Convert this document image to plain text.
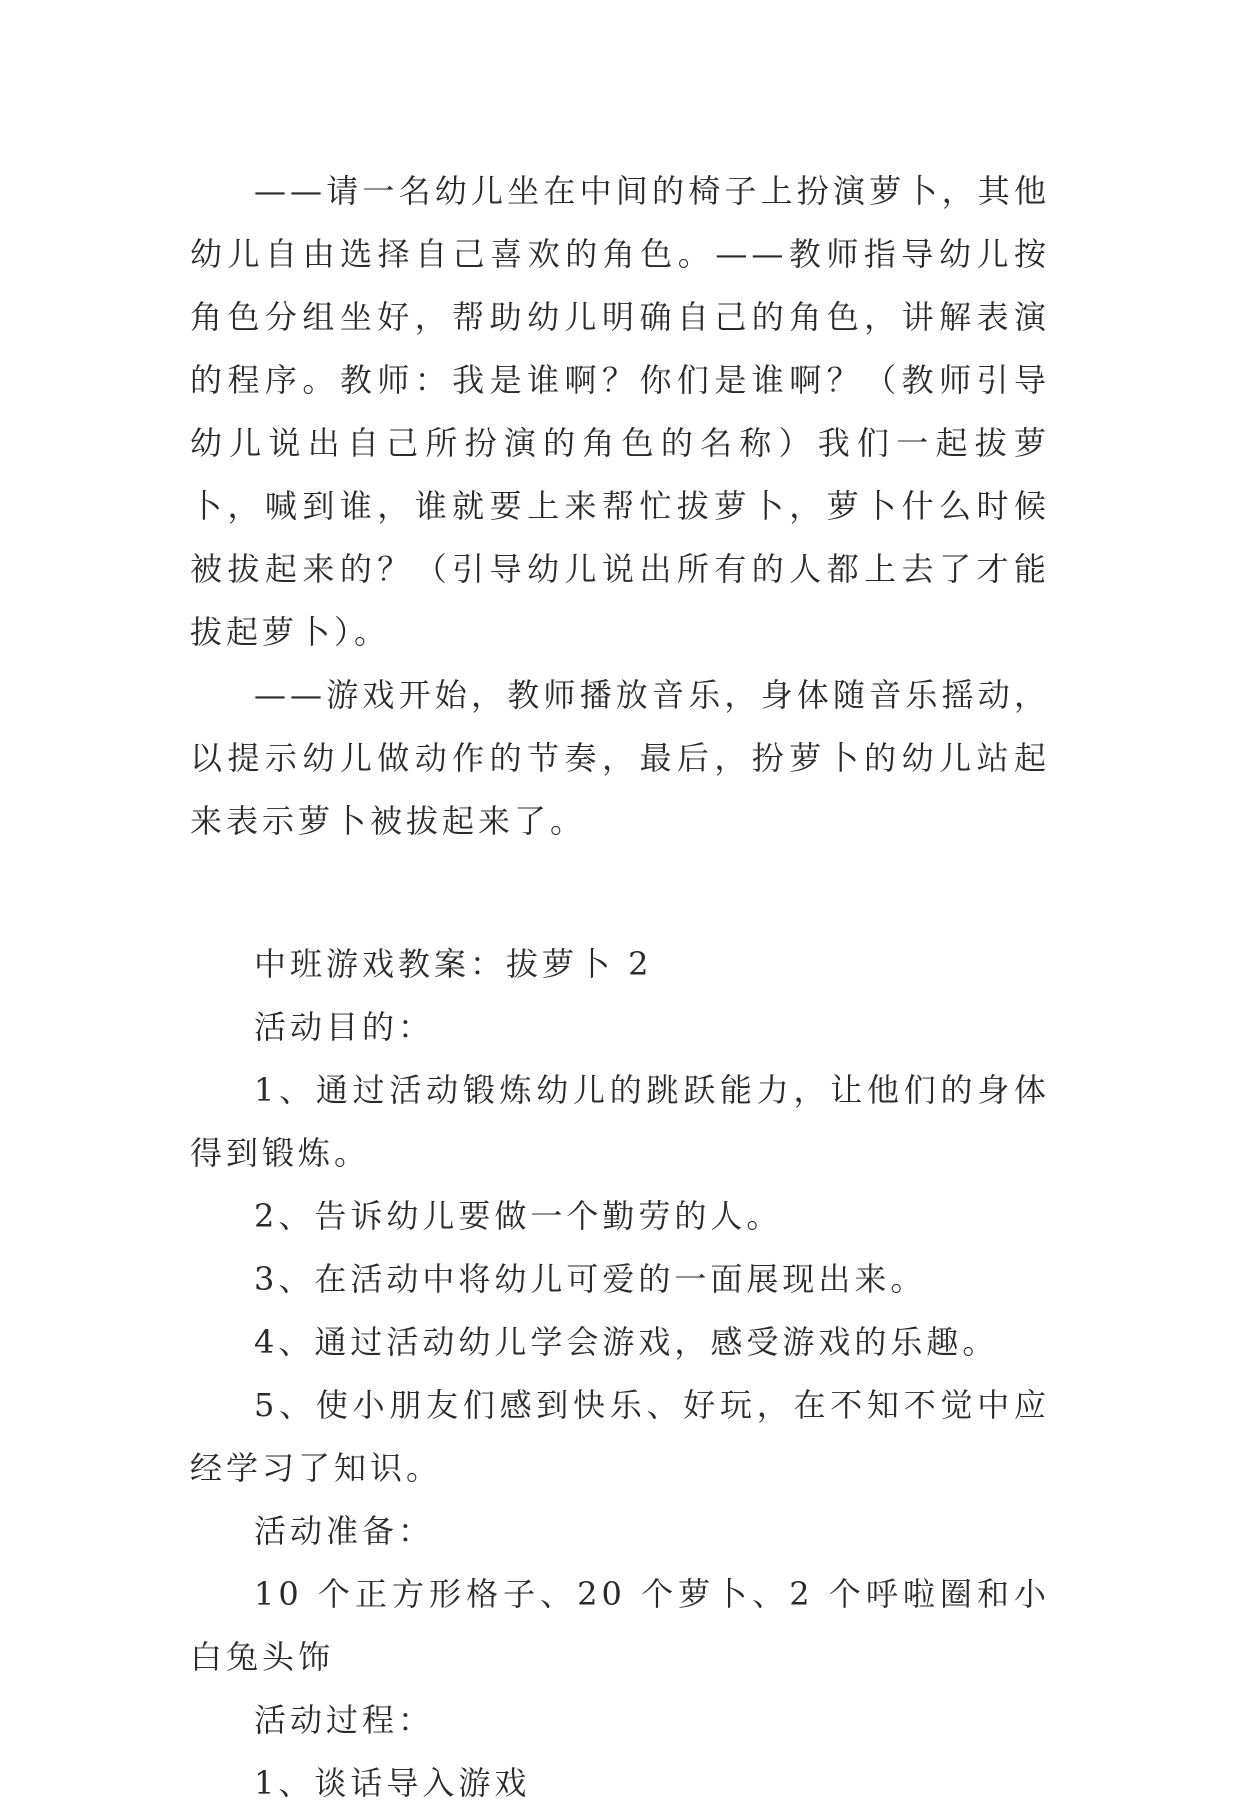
——请一名幼儿坐在中间的椅子上扮演萝卜，其他幼儿自由选择自己喜欢的角色。——教师指导幼儿按角色分组坐好，帮助幼儿明确自己的角色，讲解表演的程序。教师：我是谁啊？你们是谁啊？（教师引导幼儿说出自己所扮演的角色的名称）我们一起拔萝卜，喊到谁，谁就要上来帮忙拔萝卜，萝卜什么时候被拔起来的？（引导幼儿说出所有的人都上去了才能拔起萝卜）。

——游戏开始，教师播放音乐，身体随音乐摇动，以提示幼儿做动作的节奏，最后，扮萝卜的幼儿站起来表示萝卜被拔起来了。

中班游戏教案：拔萝卜 2

活动目的：

1、通过活动锻炼幼儿的跳跃能力，让他们的身体得到锻炼。

2、告诉幼儿要做一个勤劳的人。

3、在活动中将幼儿可爱的一面展现出来。

4、通过活动幼儿学会游戏，感受游戏的乐趣。

5、使小朋友们感到快乐、好玩，在不知不觉中应经学习了知识。

活动准备：

10 个正方形格子、20 个萝卜、2 个呼啦圈和小白兔头饰

活动过程：

1、谈话导入游戏
